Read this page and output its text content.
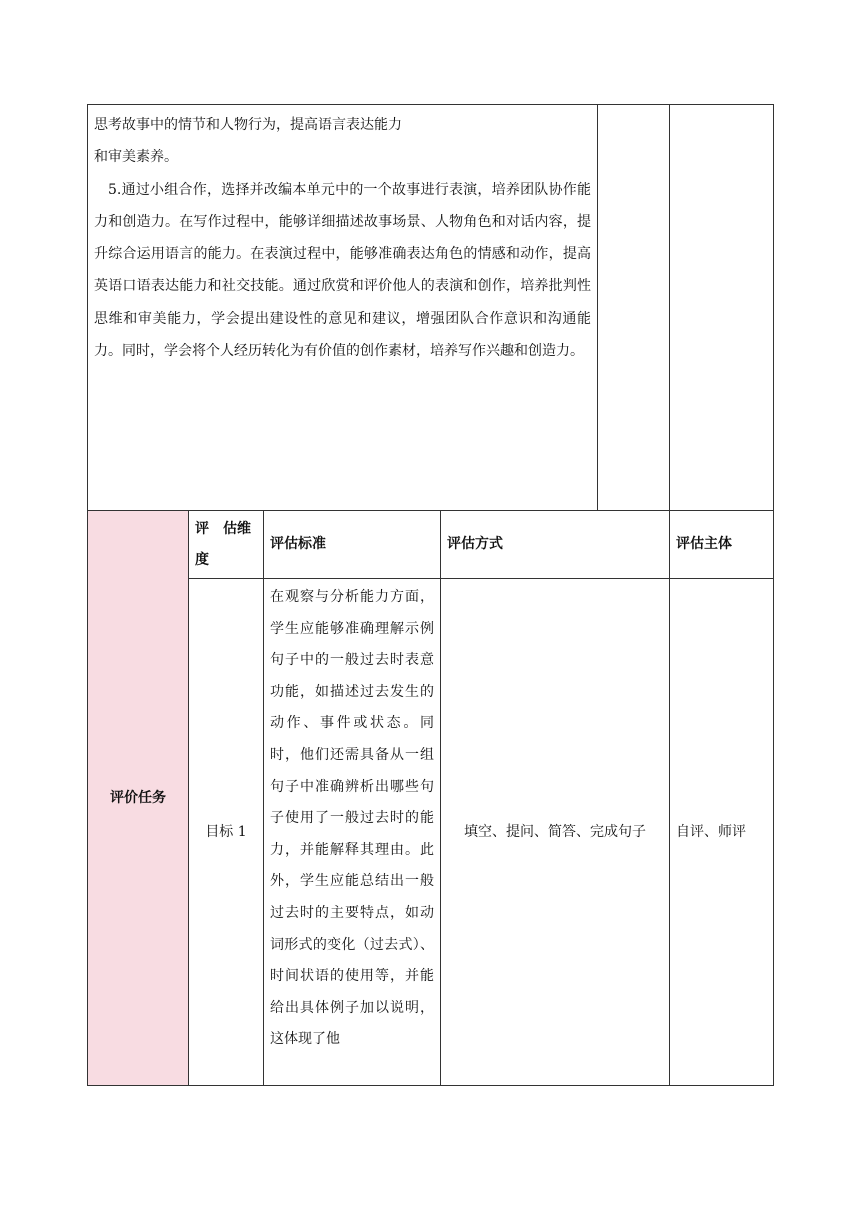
思考故事中的情节和人物行为，提高语言表达能力

和审美素养。

5.通过小组合作，选择并改编本单元中的一个故事进行表演，培养团队协作能力和创造力。在写作过程中，能够详细描述故事场景、人物角色和对话内容，提升综合运用语言的能力。在表演过程中，能够准确表达角色的情感和动作，提高英语口语表达能力和社交技能。通过欣赏和评价他人的表演和创作，培养批判性思维和审美能力，学会提出建设性的意见和建议，增强团队合作意识和沟通能力。同时，学会将个人经历转化为有价值的创作素材，培养写作兴趣和创造力。					

评价任务	评　估维度	评估标准	评估方式		评估主体
	目标 1	在观察与分析能力方面，学生应能够准确理解示例句子中的一般过去时表意功能，如描述过去发生的动作、事件或状态。同时，他们还需具备从一组句子中准确辨析出哪些句子使用了一般过去时的能力，并能解释其理由。此外，学生应能总结出一般过去时的主要特点，如动词形式的变化（过去式）、时间状语的使用等，并能给出具体例子加以说明，这体现了他	填空、提问、简答、完成句子		自评、师评
